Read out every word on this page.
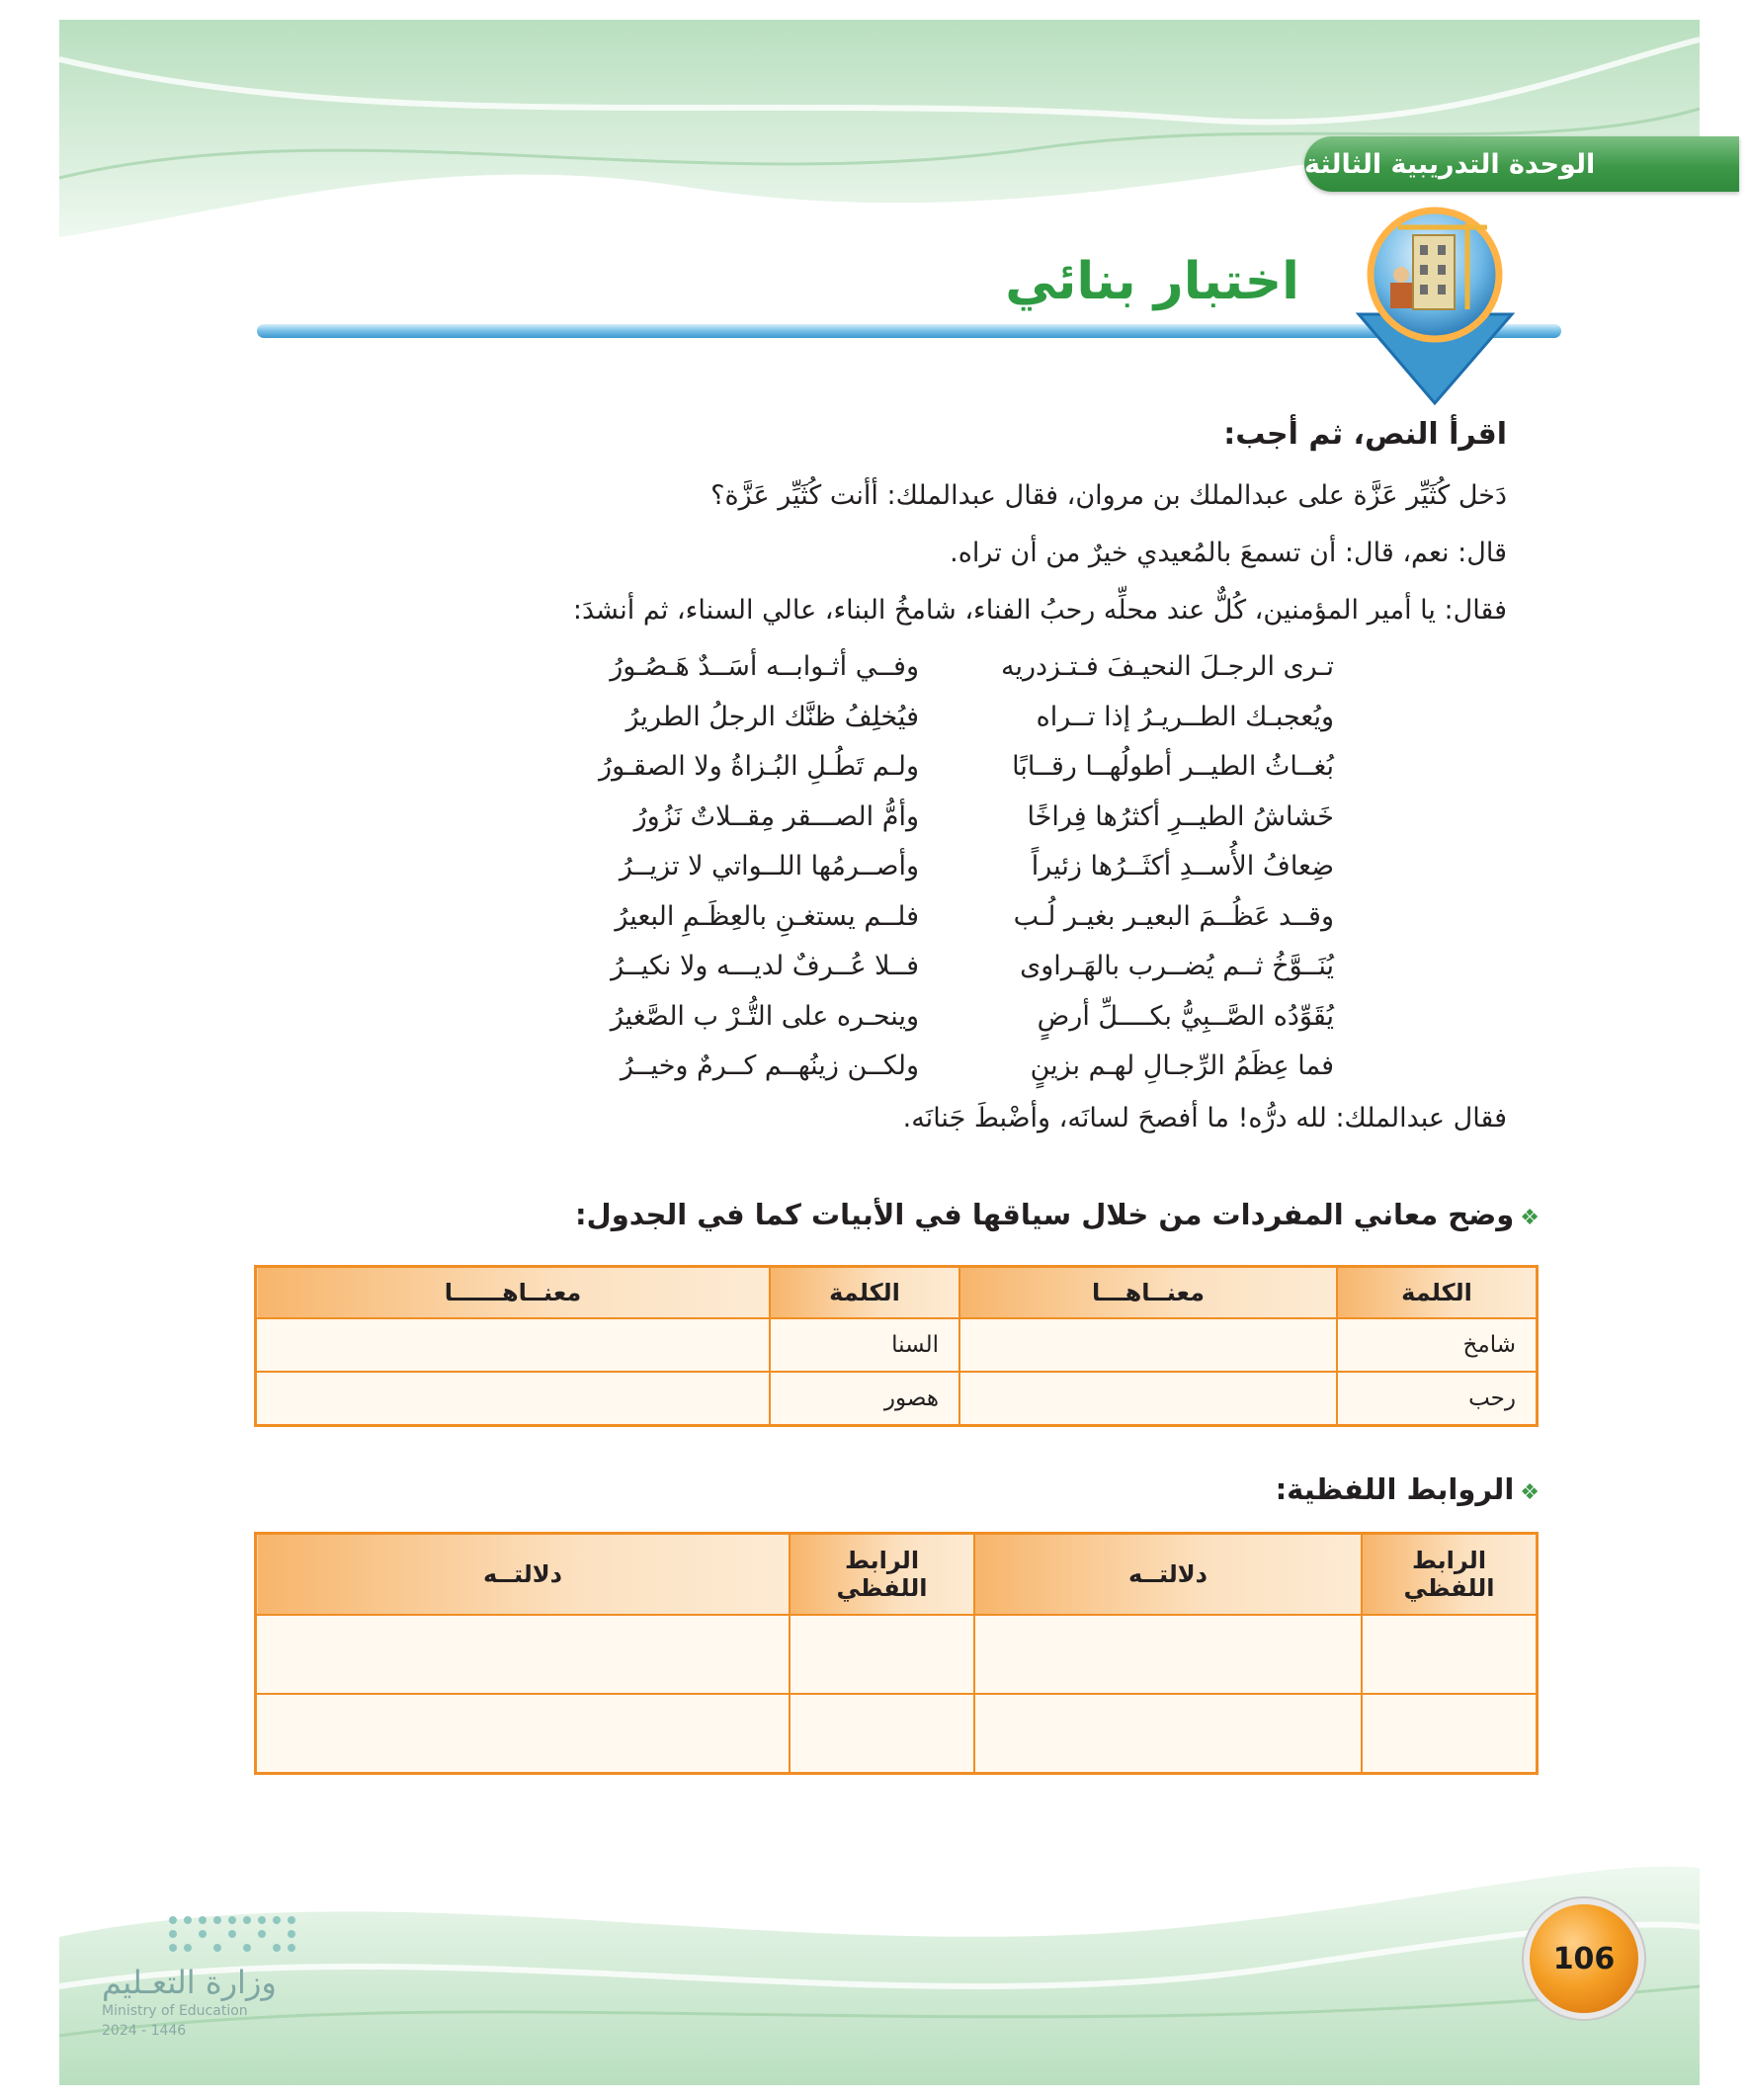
الوحدة التدريبية الثالثة
اختبار بنائي
اقرأ النص، ثم أجب:
دَخل كُثَيِّر عَزَّة على عبدالملك بن مروان، فقال عبدالملك: أأنت كُثَيِّر عَزَّة؟
قال: نعم، قال: أن تسمعَ بالمُعيدي خيرٌ من أن تراه.
فقال: يا أمير المؤمنين، كُلٌّ عند محلِّه رحبُ الفناء، شامخُ البناء، عالي السناء، ثم أنشدَ:
تـرى الرجـلَ النحيـفَ فـتـزدريه
وفــي أثـوابــه أسَــدٌ هَـصُـورُ
ويُعجبـك الطــريـرُ إذا تــراه
فيُخلِفُ ظنَّك الرجلُ الطريرُ
بُغــاثُ الطيــر أطولُهــا رقــابًا
ولـم تَطُـلِ البُـزاةُ ولا الصقـورُ
خَشاشُ الطيــرِ أكثرُها فِراخًا
وأمُّ الصـــقر مِقــلاتٌ نَزُورُ
ضِعافُ الأُســدِ أكثَــرُها زئيراً
وأصــرمُها اللــواتي لا تزيــرُ
وقــد عَظُــمَ البعيـر بغيـر لُـب
فلــم يستغـنِ بالعِظَـمِ البعيرُ
يُنَــوَّخُ ثــم يُضــرب بالهَـراوى
فــلا عُــرفٌ لديـــه ولا نكيــرُ
يُقَوِّدُه الصَّــبِيُّ بكــــلِّ أرضٍ
وينحـره على التُّـرْ ب الصَّغيرُ
فما عِظَمُ الرِّجـالِ لهـم بزينٍ
ولكــن زينُهــم كــرمٌ وخيــرُ
فقال عبدالملك: لله درُّه! ما أفصحَ لسانَه، وأضْبطَ جَنانَه.
❖وضح معاني المفردات من خلال سياقها في الأبيات كما في الجدول:
الكلمة	معنــاهـــا	الكلمة	معنــاهــــــا
شامخ		السنا	
رحب		هصور	
❖الروابط اللفظية:
الرابط اللفظي	دلالتــه	الرابط اللفظي	دلالتــه

106
وزارة التعـليم
Ministry of Education
2024 - 1446
